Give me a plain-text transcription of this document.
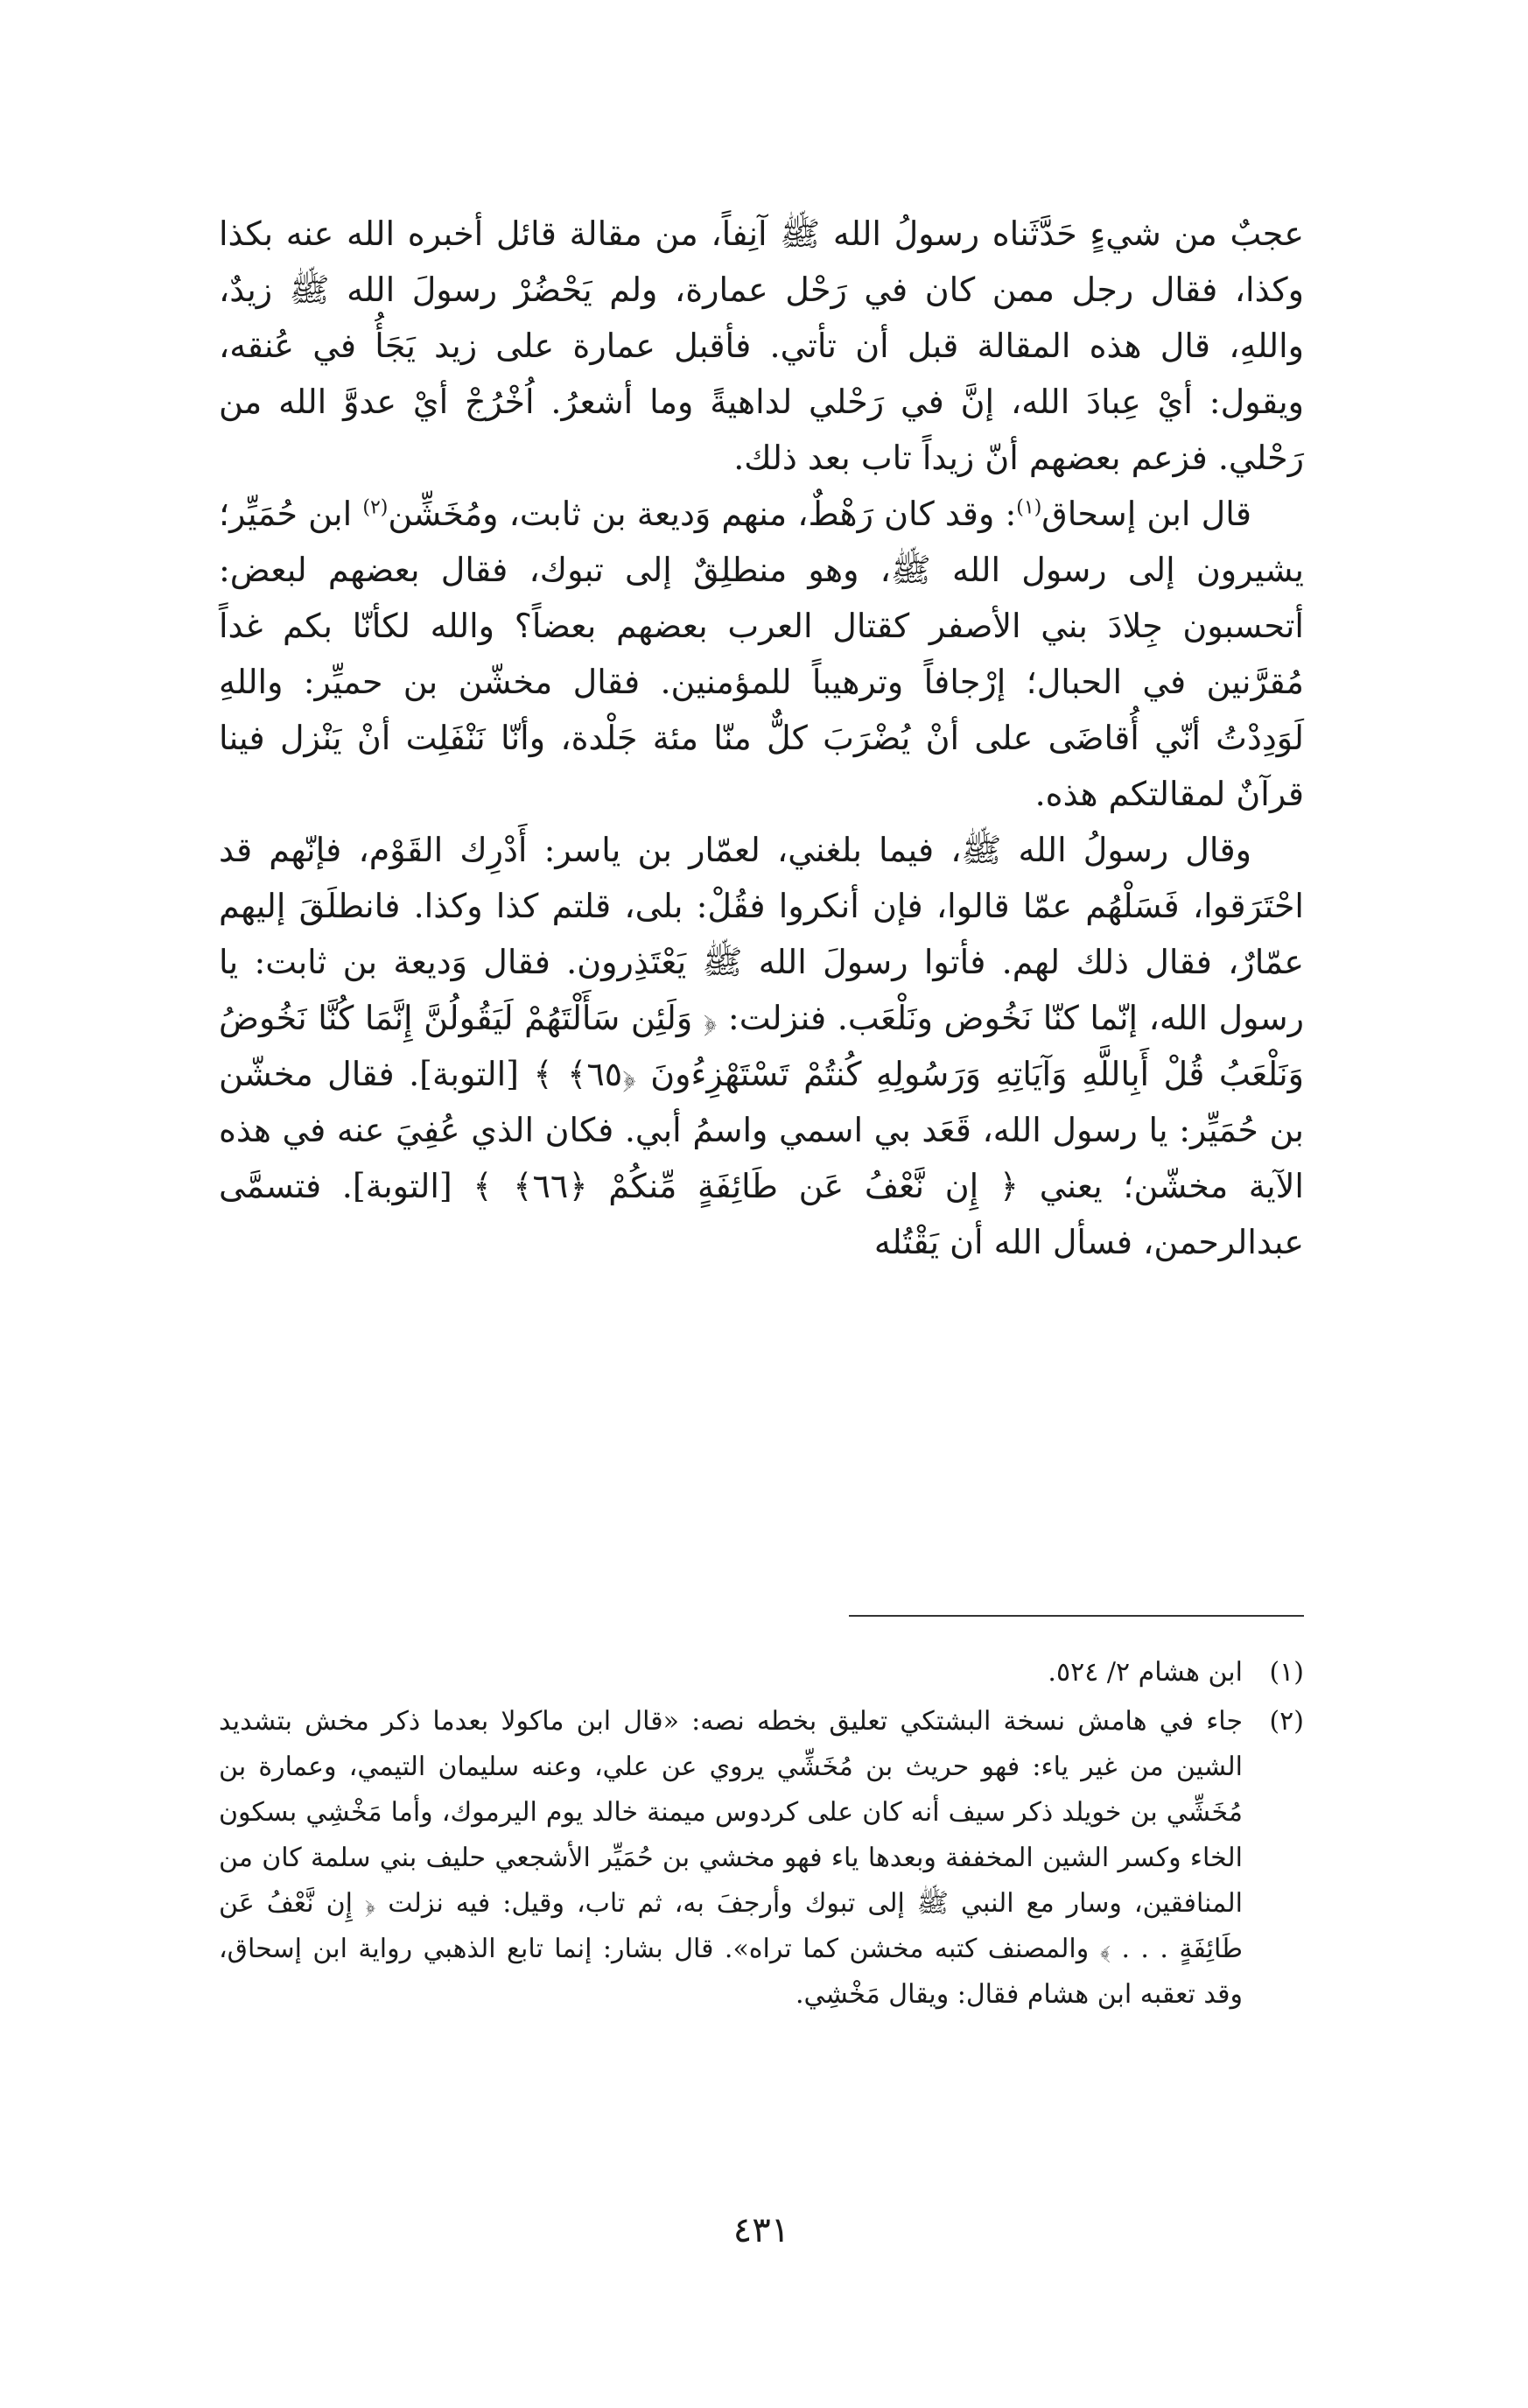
عجبٌ من شيءٍ حَدَّثَناه رسولُ الله ﷺ آنِفاً، من مقالة قائل أخبره الله عنه بكذا وكذا، فقال رجل ممن كان في رَحْل عمارة، ولم يَحْضُرْ رسولَ الله ﷺ زيدٌ، واللهِ، قال هذه المقالة قبل أن تأتي. فأقبل عمارة على زيد يَجَأُ في عُنقه، ويقول: أيْ عِبادَ الله، إنَّ في رَحْلي لداهيةً وما أشعرُ. اُخْرُجْ أيْ عدوَّ الله من رَحْلي. فزعم بعضهم أنّ زيداً تاب بعد ذلك.

قال ابن إسحاق$^{(١)}$: وقد كان رَهْطٌ، منهم وَديعة بن ثابت، ومُخَشِّن$^{(٢)}$ ابن حُمَيِّر؛ يشيرون إلى رسول الله ﷺ، وهو منطلِقٌ إلى تبوك، فقال بعضهم لبعض: أتحسبون جِلادَ بني الأصفر كقتال العرب بعضهم بعضاً؟ والله لكأنّا بكم غداً مُقرَّنين في الحبال؛ إرْجافاً وترهيباً للمؤمنين. فقال مخشّن بن حميِّر: واللهِ لَوَدِدْتُ أنّي أُقاضَى على أنْ يُضْرَبَ كلٌّ منّا مئة جَلْدة، وأنّا نَنْفَلِت أنْ يَنْزل فينا قرآنٌ لمقالتكم هذه.

وقال رسولُ الله ﷺ، فيما بلغني، لعمّار بن ياسر: أَدْرِك القَوْم، فإنّهم قد احْتَرَقوا، فَسَلْهُم عمّا قالوا، فإن أنكروا فقُلْ: بلى، قلتم كذا وكذا. فانطلَقَ إليهم عمّارٌ، فقال ذلك لهم. فأتوا رسولَ الله ﷺ يَعْتَذِرون. فقال وَديعة بن ثابت: يا رسول الله، إنّما كنّا نَخُوض ونَلْعَب. فنزلت: ﴿ وَلَئِن سَأَلْتَهُمْ لَيَقُولُنَّ إِنَّمَا كُنَّا نَخُوضُ وَنَلْعَبُ قُلْ أَبِاللَّهِ وَآيَاتِهِ وَرَسُولِهِ كُنتُمْ تَسْتَهْزِءُونَ ﴿٦٥﴾ ﴾ [التوبة]. فقال مخشّن بن حُمَيِّر: يا رسول الله، قَعَد بي اسمي واسمُ أبي. فكان الذي عُفِيَ عنه في هذه الآية مخشّن؛ يعني ﴿ إِن نَّعْفُ عَن طَائِفَةٍ مِّنكُمْ ﴿٦٦﴾ ﴾ [التوبة]. فتسمَّى عبدالرحمن، فسأل الله أن يَقْتُله

(١)
ابن هشام ٢/ ٥٢٤.
(٢)
جاء في هامش نسخة البشتكي تعليق بخطه نصه: «قال ابن ماكولا بعدما ذكر مخش بتشديد الشين من غير ياء: فهو حريث بن مُخَشِّي يروي عن علي، وعنه سليمان التيمي، وعمارة بن مُخَشِّي بن خويلد ذكر سيف أنه كان على كردوس ميمنة خالد يوم اليرموك، وأما مَخْشِي بسكون الخاء وكسر الشين المخففة وبعدها ياء فهو مخشي بن حُمَيِّر الأشجعي حليف بني سلمة كان من المنافقين، وسار مع النبي ﷺ إلى تبوك وأرجفَ به، ثم تاب، وقيل: فيه نزلت ﴿ إِن نَّعْفُ عَن طَائِفَةٍ . . . ﴾ والمصنف كتبه مخشن كما تراه». قال بشار: إنما تابع الذهبي رواية ابن إسحاق، وقد تعقبه ابن هشام فقال: ويقال مَخْشِي.
٤٣١
